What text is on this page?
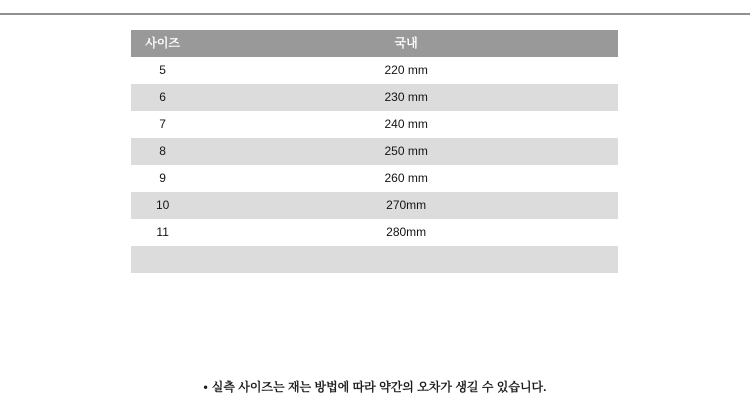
사이즈	국내
5	220 mm
6	230 mm
7	240 mm
8	250 mm
9	260 mm
10	270mm
11	280mm

• 실측 사이즈는 재는 방법에 따라 약간의 오차가 생길 수 있습니다.
